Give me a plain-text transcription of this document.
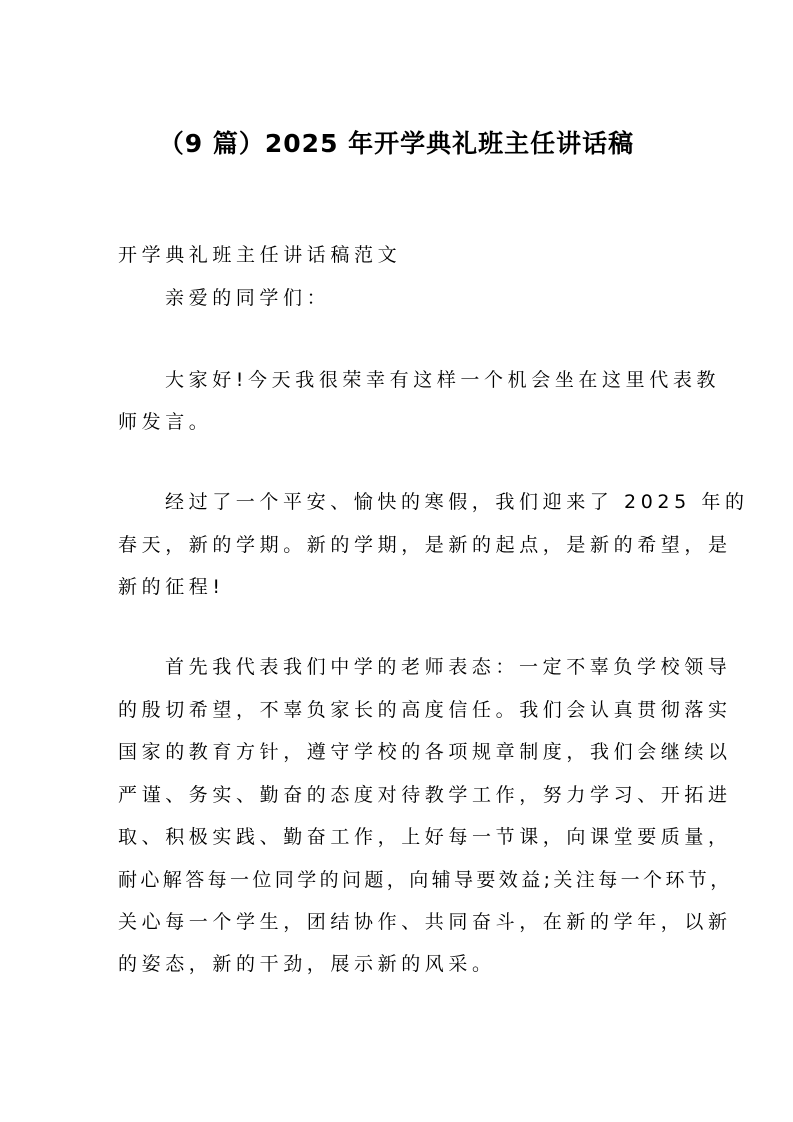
（9 篇）2025 年开学典礼班主任讲话稿
开学典礼班主任讲话稿范文
亲爱的同学们：
大家好!今天我很荣幸有这样一个机会坐在这里代表教
师发言。
经过了一个平安、愉快的寒假，我们迎来了 2025 年的
春天，新的学期。新的学期，是新的起点，是新的希望，是
新的征程!
首先我代表我们中学的老师表态：一定不辜负学校领导
的殷切希望，不辜负家长的高度信任。我们会认真贯彻落实
国家的教育方针，遵守学校的各项规章制度，我们会继续以
严谨、务实、勤奋的态度对待教学工作，努力学习、开拓进
取、积极实践、勤奋工作，上好每一节课，向课堂要质量，
耐心解答每一位同学的问题，向辅导要效益;关注每一个环节，
关心每一个学生，团结协作、共同奋斗，在新的学年，以新
的姿态，新的干劲，展示新的风采。
